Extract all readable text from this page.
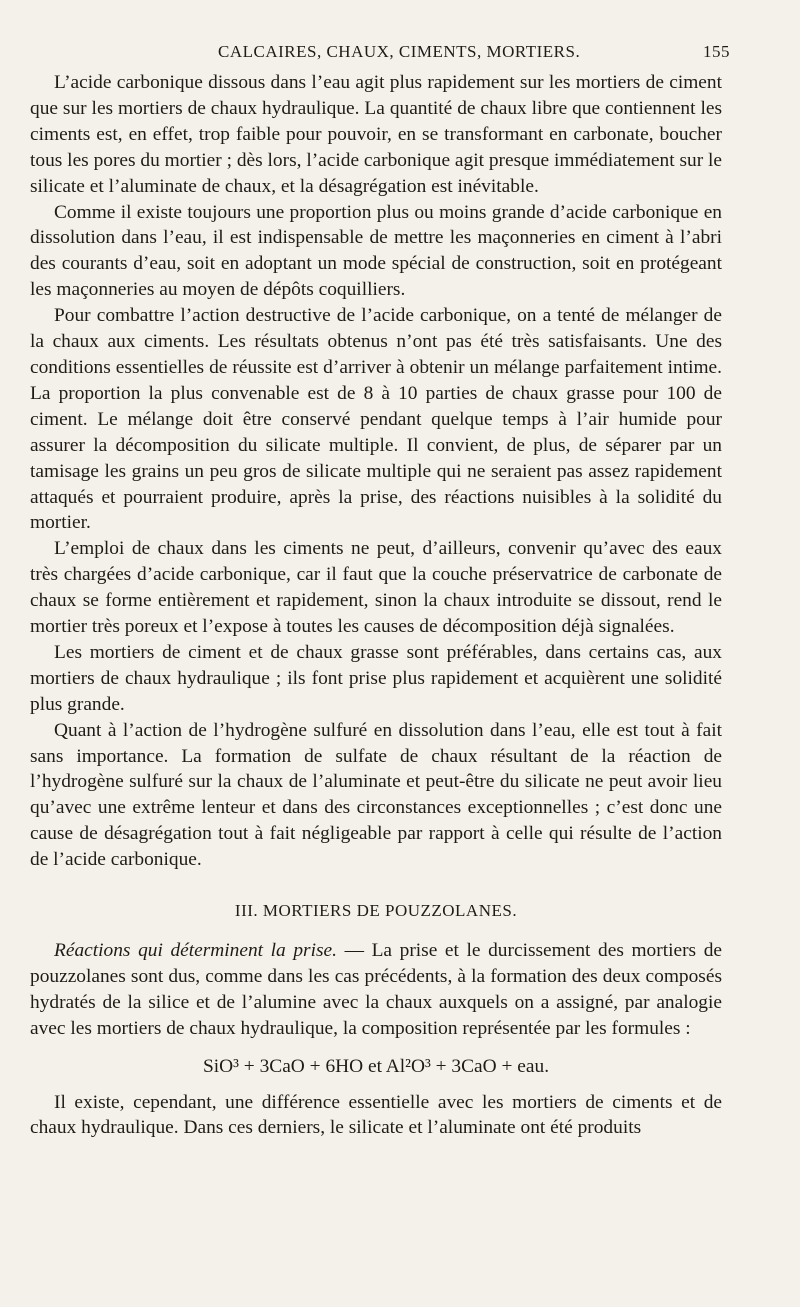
CALCAIRES, CHAUX, CIMENTS, MORTIERS.	155

L’acide carbonique dissous dans l’eau agit plus rapidement sur les mortiers de ciment que sur les mortiers de chaux hydraulique. La quantité de chaux libre que contiennent les ciments est, en effet, trop faible pour pouvoir, en se transformant en carbonate, boucher tous les pores du mortier ; dès lors, l’acide carbonique agit presque immédiatement sur le silicate et l’aluminate de chaux, et la désagrégation est inévitable.

Comme il existe toujours une proportion plus ou moins grande d’acide carbonique en dissolution dans l’eau, il est indispensable de mettre les maçonneries en ciment à l’abri des courants d’eau, soit en adoptant un mode spécial de construction, soit en protégeant les maçonneries au moyen de dépôts coquilliers.

Pour combattre l’action destructive de l’acide carbonique, on a tenté de mélanger de la chaux aux ciments. Les résultats obtenus n’ont pas été très satisfaisants. Une des conditions essentielles de réussite est d’arriver à obtenir un mélange parfaitement intime. La proportion la plus convenable est de 8 à 10 parties de chaux grasse pour 100 de ciment. Le mélange doit être conservé pendant quelque temps à l’air humide pour assurer la décomposition du silicate multiple. Il convient, de plus, de séparer par un tamisage les grains un peu gros de silicate multiple qui ne seraient pas assez rapidement attaqués et pourraient produire, après la prise, des réactions nuisibles à la solidité du mortier.

L’emploi de chaux dans les ciments ne peut, d’ailleurs, convenir qu’avec des eaux très chargées d’acide carbonique, car il faut que la couche préservatrice de carbonate de chaux se forme entièrement et rapidement, sinon la chaux introduite se dissout, rend le mortier très poreux et l’expose à toutes les causes de décomposition déjà signalées.

Les mortiers de ciment et de chaux grasse sont préférables, dans certains cas, aux mortiers de chaux hydraulique ; ils font prise plus rapidement et acquièrent une solidité plus grande.

Quant à l’action de l’hydrogène sulfuré en dissolution dans l’eau, elle est tout à fait sans importance. La formation de sulfate de chaux résultant de la réaction de l’hydrogène sulfuré sur la chaux de l’aluminate et peut-être du silicate ne peut avoir lieu qu’avec une extrême lenteur et dans des circonstances exceptionnelles ; c’est donc une cause de désagrégation tout à fait négligeable par rapport à celle qui résulte de l’action de l’acide carbonique.

III. MORTIERS DE POUZZOLANES.

Réactions qui déterminent la prise. — La prise et le durcissement des mortiers de pouzzolanes sont dus, comme dans les cas précédents, à la formation des deux composés hydratés de la silice et de l’alumine avec la chaux auxquels on a assigné, par analogie avec les mortiers de chaux hydraulique, la composition représentée par les formules :

SiO³ + 3CaO + 6HO et Al²O³ + 3CaO + eau.

Il existe, cependant, une différence essentielle avec les mortiers de ciments et de chaux hydraulique. Dans ces derniers, le silicate et l’aluminate ont été produits
